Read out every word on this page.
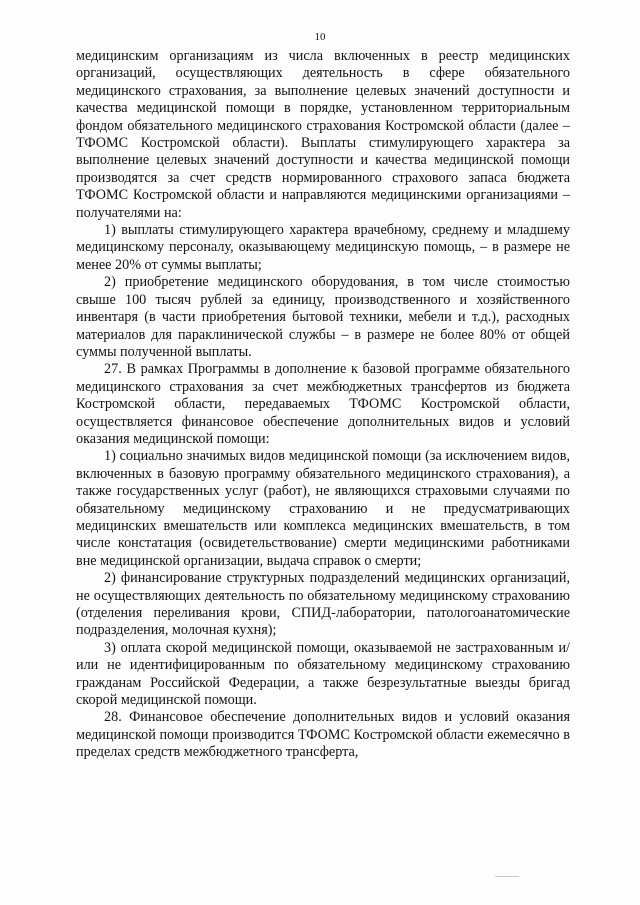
10

медицинским организациям из числа включенных в реестр медицинских организаций, осуществляющих деятельность в сфере обязательного медицинского страхования, за выполнение целевых значений доступности и качества медицинской помощи в порядке, установленном территориальным фондом обязательного медицинского страхования Костромской области (далее – ТФОМС Костромской области). Выплаты стимулирующего характера за выполнение целевых значений доступности и качества медицинской помощи производятся за счет средств нормированного страхового запаса бюджета ТФОМС Костромской области и направляются медицинскими организациями – получателями на:

1) выплаты стимулирующего характера врачебному, среднему и младшему медицинскому персоналу, оказывающему медицинскую помощь, – в размере не менее 20% от суммы выплаты;

2) приобретение медицинского оборудования, в том числе стоимостью свыше 100 тысяч рублей за единицу, производственного и хозяйственного инвентаря (в части приобретения бытовой техники, мебели и т.д.), расходных материалов для параклинической службы – в размере не более 80% от общей суммы полученной выплаты.

27. В рамках Программы в дополнение к базовой программе обязательного медицинского страхования за счет межбюджетных трансфертов из бюджета Костромской области, передаваемых ТФОМС Костромской области, осуществляется финансовое обеспечение дополнительных видов и условий оказания медицинской помощи:

1) социально значимых видов медицинской помощи (за исключением видов, включенных в базовую программу обязательного медицинского страхования), а также государственных услуг (работ), не являющихся страховыми случаями по обязательному медицинскому страхованию и не предусматривающих медицинских вмешательств или комплекса медицинских вмешательств, в том числе констатация (освидетельствование) смерти медицинскими работниками вне медицинской организации, выдача справок о смерти;

2) финансирование структурных подразделений медицинских организаций, не осуществляющих деятельность по обязательному медицинскому страхованию (отделения переливания крови, СПИД-лаборатории, патологоанатомические подразделения, молочная кухня);

3) оплата скорой медицинской помощи, оказываемой не застрахованным и/или не идентифицированным по обязательному медицинскому страхованию гражданам Российской Федерации, а также безрезультатные выезды бригад скорой медицинской помощи.

28. Финансовое обеспечение дополнительных видов и условий оказания медицинской помощи производится ТФОМС Костромской области ежемесячно в пределах средств межбюджетного трансферта,
